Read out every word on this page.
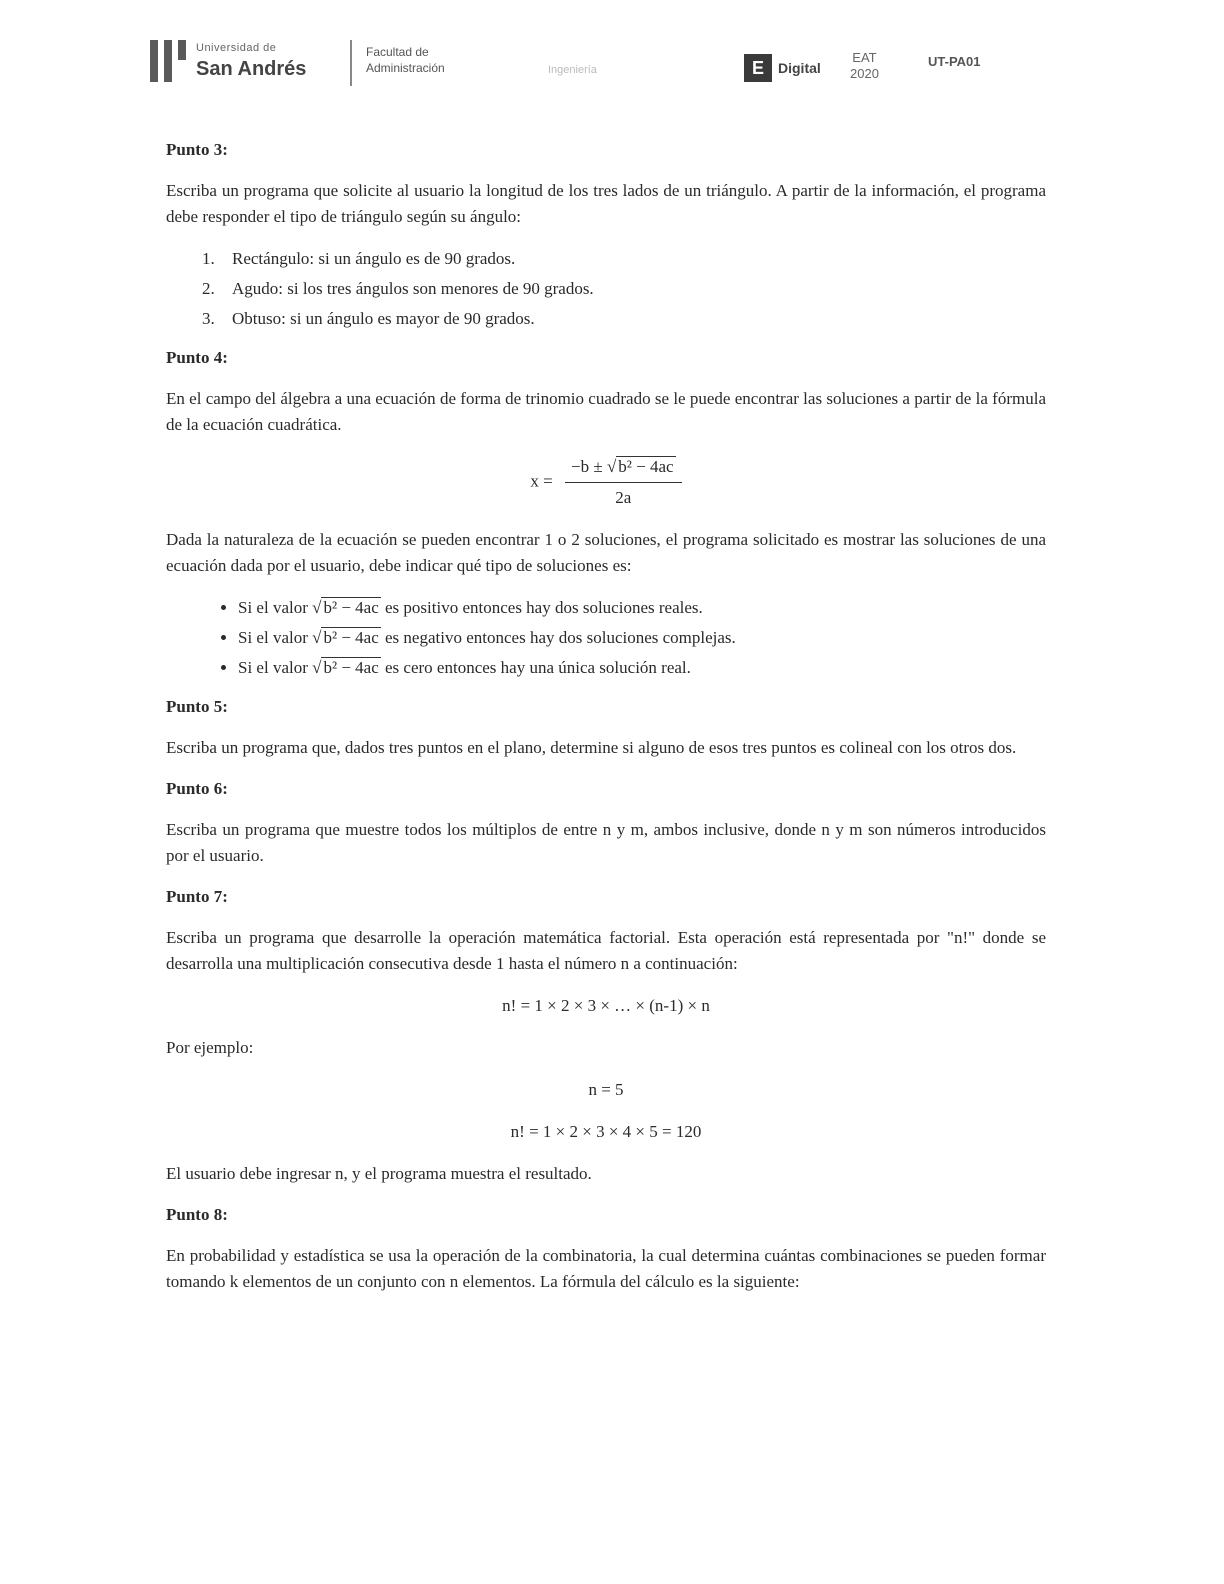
Universidad de
San Andrés
Facultad de
Administración	Ingeniería	E	Digital
EAT
2020
UT-PA01
Punto 3:

Escriba un programa que solicite al usuario la longitud de los tres lados de un triángulo. A partir de la información, el programa debe responder el tipo de triángulo según su ángulo:

1. Rectángulo: si un ángulo es de 90 grados.
2. Agudo: si los tres ángulos son menores de 90 grados.
3. Obtuso: si un ángulo es mayor de 90 grados.
Punto 4:

En el campo del álgebra a una ecuación de forma de trinomio cuadrado se le puede encontrar las soluciones a partir de la fórmula de la ecuación cuadrática.

$x = \frac{\text{−b ± √ b² − 4ac}}{2a}$

Dada la naturaleza de la ecuación se pueden encontrar 1 o 2 soluciones, el programa solicitado es mostrar las soluciones de una ecuación dada por el usuario, debe indicar qué tipo de soluciones es:

• Si el valor √ b² − 4ac es positivo entonces hay dos soluciones reales.
• Si el valor √ b² − 4ac es negativo entonces hay dos soluciones complejas.
• Si el valor √ b² − 4ac es cero entonces hay una única solución real.
Punto 5:

Escriba un programa que, dados tres puntos en el plano, determine si alguno de esos tres puntos es colineal con los otros dos.

Punto 6:

Escriba un programa que muestre todos los múltiplos de entre n y m, ambos inclusive, donde n y m son números introducidos por el usuario.

Punto 7:

Escriba un programa que desarrolle la operación matemática factorial. Esta operación está representada por "n!" donde se desarrolla una multiplicación consecutiva desde 1 hasta el número n a continuación:

n! = 1 × 2 × 3 × … × (n-1) × n

Por ejemplo:

n = 5
n! = 1 × 2 × 3 × 4 × 5 = 120

El usuario debe ingresar n, y el programa muestra el resultado.

Punto 8:

En probabilidad y estadística se usa la operación de la combinatoria, la cual determina cuántas combinaciones se pueden formar tomando k elementos de un conjunto con n elementos. La fórmula del cálculo es la siguiente:
